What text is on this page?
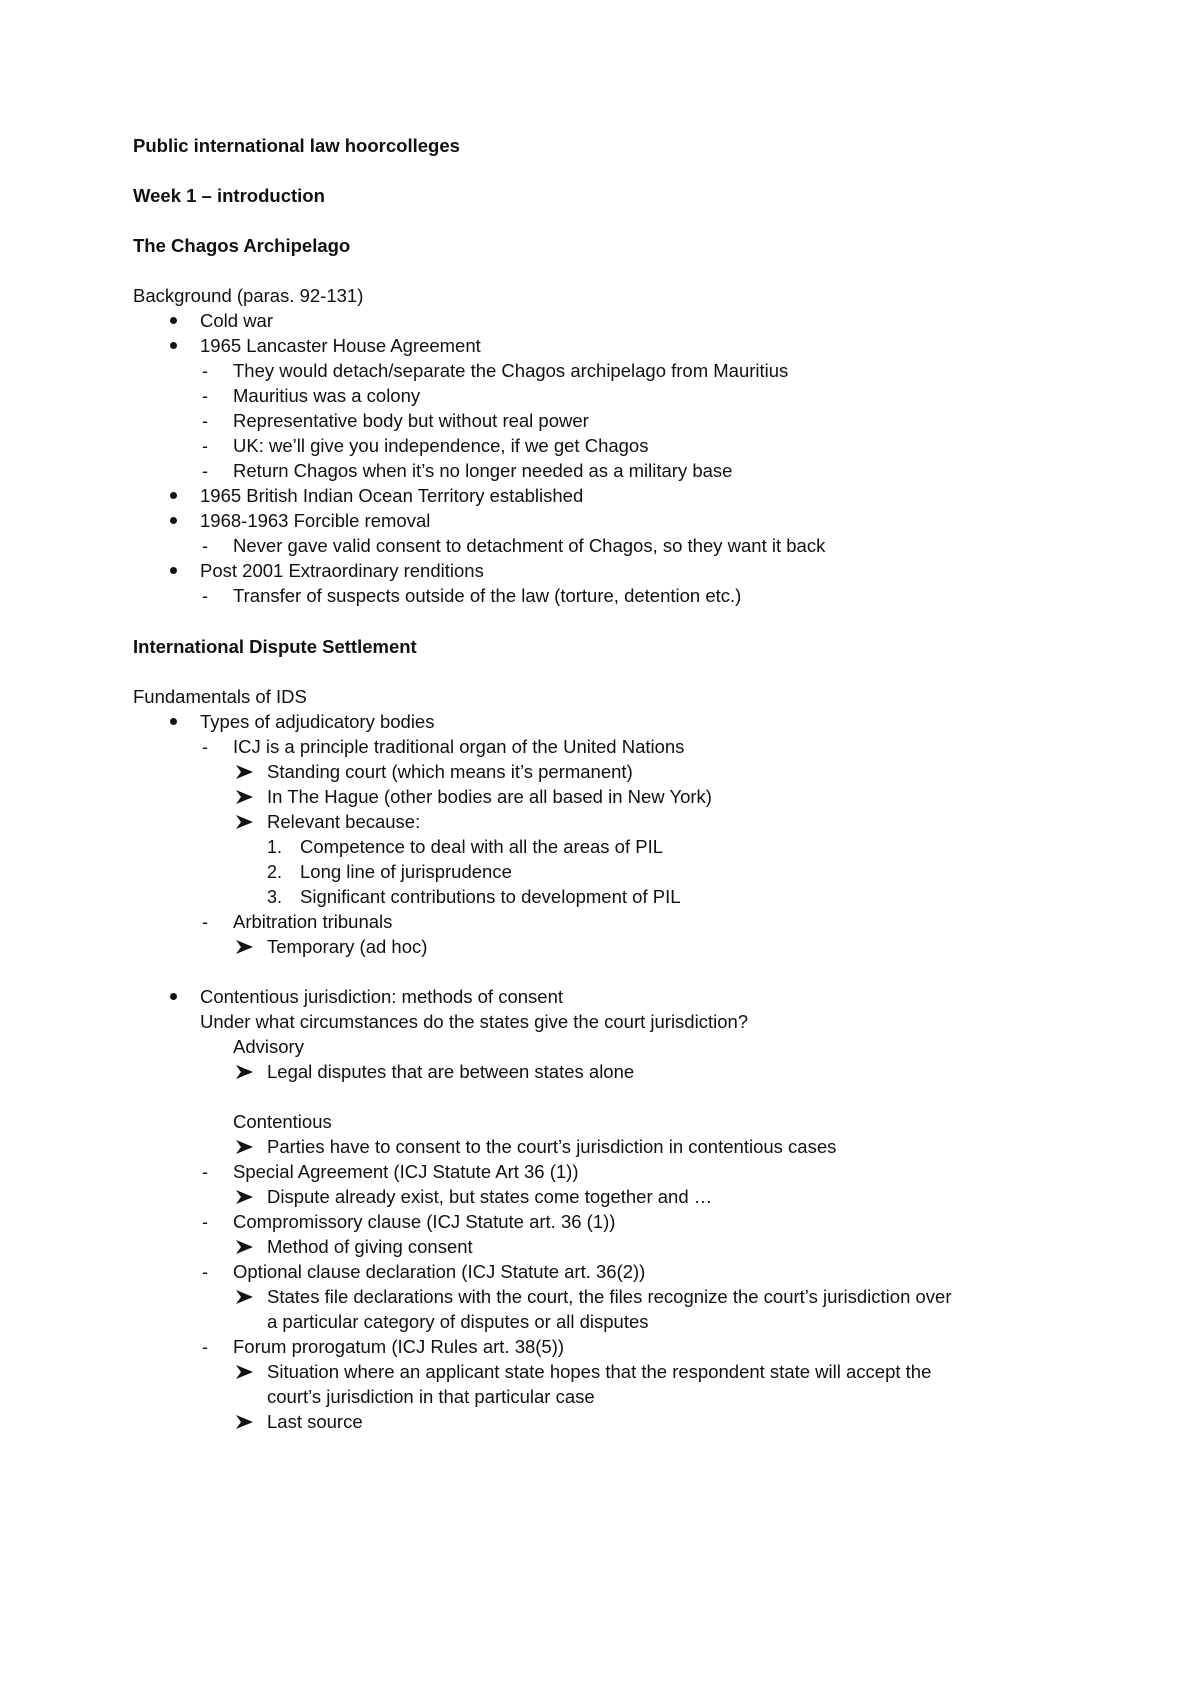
Public international law hoorcolleges
Week 1 – introduction
The Chagos Archipelago
Background (paras. 92-131)
Cold war
1965 Lancaster House Agreement
- They would detach/separate the Chagos archipelago from Mauritius
- Mauritius was a colony
- Representative body but without real power
- UK: we’ll give you independence, if we get Chagos
- Return Chagos when it’s no longer needed as a military base
1965 British Indian Ocean Territory established
1968-1963 Forcible removal
- Never gave valid consent to detachment of Chagos, so they want it back
Post 2001 Extraordinary renditions
- Transfer of suspects outside of the law (torture, detention etc.)
International Dispute Settlement
Fundamentals of IDS
Types of adjudicatory bodies
- ICJ is a principle traditional organ of the United Nations
Standing court (which means it’s permanent)
In The Hague (other bodies are all based in New York)
Relevant because:
1. Competence to deal with all the areas of PIL
2. Long line of jurisprudence
3. Significant contributions to development of PIL
- Arbitration tribunals
Temporary (ad hoc)
Contentious jurisdiction: methods of consent
Under what circumstances do the states give the court jurisdiction?
Advisory
Legal disputes that are between states alone
Contentious
Parties have to consent to the court’s jurisdiction in contentious cases
- Special Agreement (ICJ Statute Art 36 (1))
Dispute already exist, but states come together and …
- Compromissory clause (ICJ Statute art. 36 (1))
Method of giving consent
- Optional clause declaration (ICJ Statute art. 36(2))
States file declarations with the court, the files recognize the court’s jurisdiction over
a particular category of disputes or all disputes
- Forum prorogatum (ICJ Rules art. 38(5))
Situation where an applicant state hopes that the respondent state will accept the
court’s jurisdiction in that particular case
Last source
